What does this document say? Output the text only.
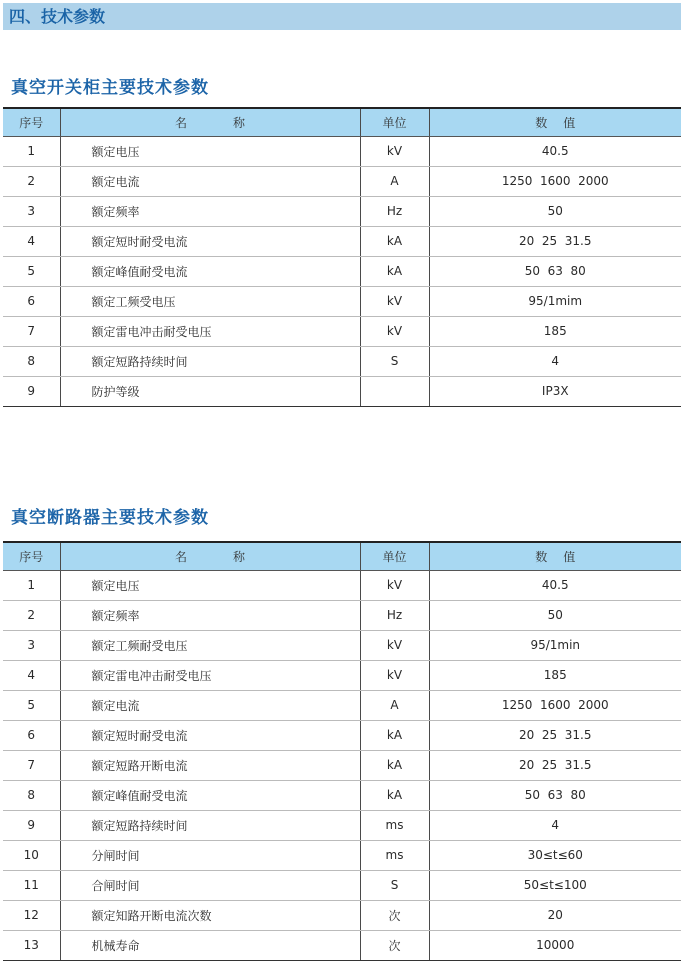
四、技术参数
真空开关柜主要技术参数
序号	名 称	单位	数 值
1	额定电压	kV	40.5
2	额定电流	A	1250  1600  2000
3	额定频率	Hz	50
4	额定短时耐受电流	kA	20  25  31.5
5	额定峰值耐受电流	kA	50  63  80
6	额定工频受电压	kV	95/1mim
7	额定雷电冲击耐受电压	kV	185
8	额定短路持续时间	S	4
9	防护等级		IP3X
真空断路器主要技术参数
序号	名 称	单位	数 值
1	额定电压	kV	40.5
2	额定频率	Hz	50
3	额定工频耐受电压	kV	95/1min
4	额定雷电冲击耐受电压	kV	185
5	额定电流	A	1250  1600  2000
6	额定短时耐受电流	kA	20  25  31.5
7	额定短路开断电流	kA	20  25  31.5
8	额定峰值耐受电流	kA	50  63  80
9	额定短路持续时间	ms	4
10	分闸时间	ms	30≤t≤60
11	合闸时间	S	50≤t≤100
12	额定知路开断电流次数	次	20
13	机械寿命	次	10000
